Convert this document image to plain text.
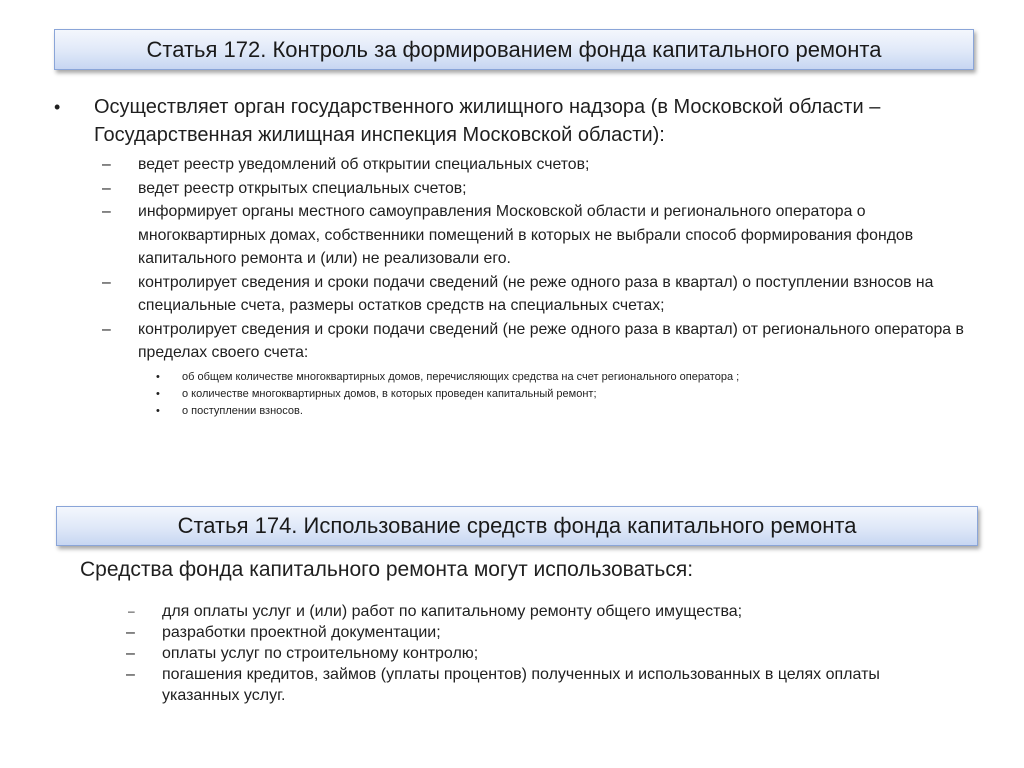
Статья 172. Контроль за формированием фонда капитального ремонта
• Осуществляет орган государственного жилищного надзора (в Московской области – Государственная жилищная инспекция Московской области):
– ведет реестр уведомлений об открытии специальных счетов;
– ведет реестр открытых специальных счетов;
– информирует органы местного самоуправления Московской области и регионального оператора о многоквартирных домах, собственники помещений в которых не выбрали способ формирования фондов капитального ремонта и (или) не реализовали его.
– контролирует сведения и сроки подачи сведений (не реже одного раза в квартал) о поступлении взносов на специальные счета, размеры остатков средств на специальных счетах;
– контролирует сведения и сроки подачи сведений (не реже одного раза в квартал) от регионального оператора в пределах своего счета:
• об общем количестве многоквартирных домов, перечисляющих средства на счет регионального оператора ;
• о количестве многоквартирных домов, в которых проведен капитальный ремонт;
• о поступлении взносов.
Статья 174. Использование средств фонда капитального ремонта
Средства фонда капитального ремонта могут использоваться:
– для оплаты услуг и (или) работ по капитальному ремонту общего имущества;
– разработки проектной документации;
– оплаты услуг по строительному контролю;
– погашения кредитов, займов (уплаты процентов) полученных и использованных в целях оплаты указанных услуг.
